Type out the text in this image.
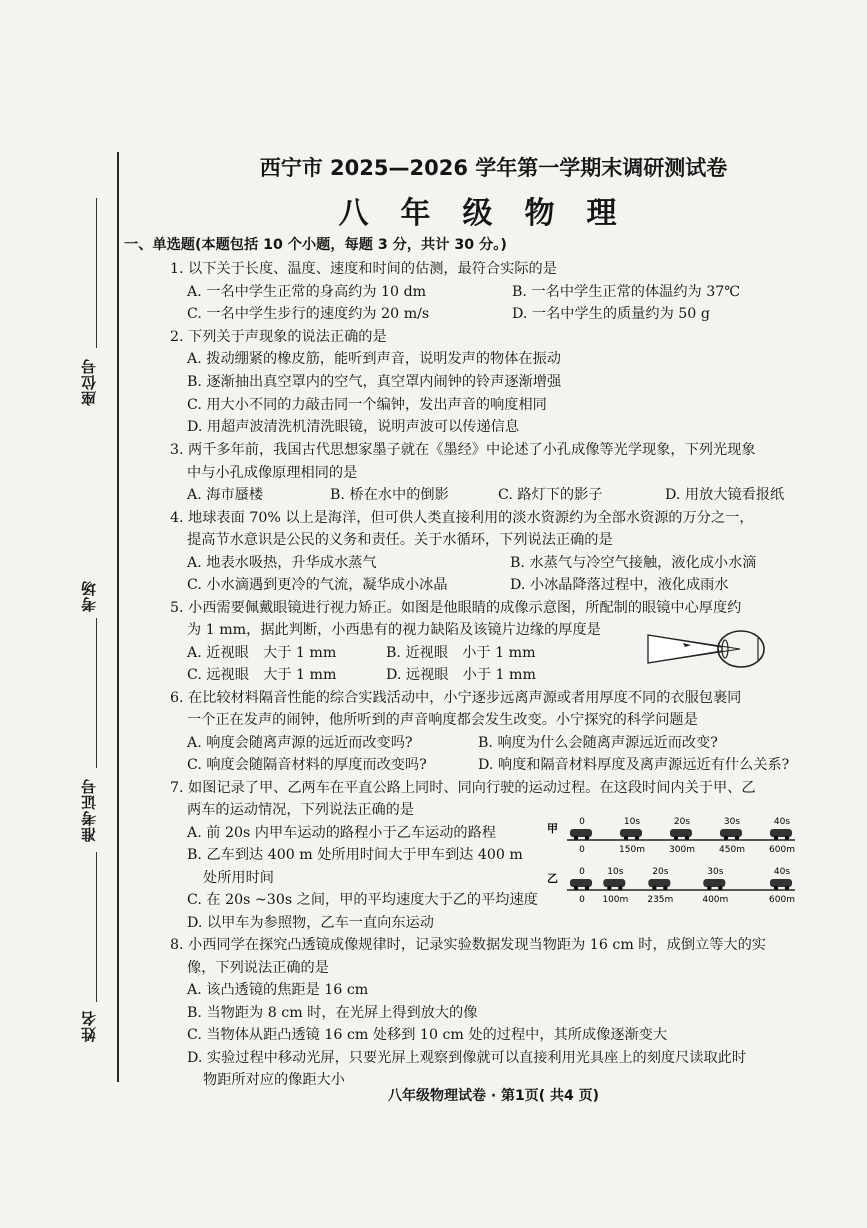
座位号
考场
准考证号
姓名
西宁市 2025—2026 学年第一学期末调研测试卷
八年级物理
一、单选题(本题包括 10 个小题，每题 3 分，共计 30 分。)
1. 以下关于长度、温度、速度和时间的估测，最符合实际的是
A. 一名中学生正常的身高约为 10 dm	B. 一名中学生正常的体温约为 37℃
C. 一名中学生步行的速度约为 20 m/s	D. 一名中学生的质量约为 50 g
2. 下列关于声现象的说法正确的是
A. 拨动绷紧的橡皮筋，能听到声音，说明发声的物体在振动
B. 逐渐抽出真空罩内的空气，真空罩内闹钟的铃声逐渐增强
C. 用大小不同的力敲击同一个编钟，发出声音的响度相同
D. 用超声波清洗机清洗眼镜，说明声波可以传递信息
3. 两千多年前，我国古代思想家墨子就在《墨经》中论述了小孔成像等光学现象，下列光现象
中与小孔成像原理相同的是
A. 海市蜃楼	B. 桥在水中的倒影	C. 路灯下的影子	D. 用放大镜看报纸
4. 地球表面 70% 以上是海洋，但可供人类直接利用的淡水资源约为全部水资源的万分之一，
提高节水意识是公民的义务和责任。关于水循环，下列说法正确的是
A. 地表水吸热，升华成水蒸气	B. 水蒸气与冷空气接触，液化成小水滴
C. 小水滴遇到更冷的气流，凝华成小冰晶	D. 小冰晶降落过程中，液化成雨水
5. 小西需要佩戴眼镜进行视力矫正。如图是他眼睛的成像示意图，所配制的眼镜中心厚度约
为 1 mm，据此判断，小西患有的视力缺陷及该镜片边缘的厚度是
A. 近视眼　大于 1 mm	B. 近视眼　小于 1 mm
C. 远视眼　大于 1 mm	D. 远视眼　小于 1 mm
6. 在比较材料隔音性能的综合实践活动中，小宁逐步远离声源或者用厚度不同的衣服包裹同
一个正在发声的闹钟，他所听到的声音响度都会发生改变。小宁探究的科学问题是
A. 响度会随离声源的远近而改变吗?	B. 响度为什么会随离声源远近而改变?
C. 响度会随隔音材料的厚度而改变吗?	D. 响度和隔音材料厚度及离声源远近有什么关系?
7. 如图记录了甲、乙两车在平直公路上同时、同向行驶的运动过程。在这段时间内关于甲、乙
两车的运动情况，下列说法正确的是
A. 前 20s 内甲车运动的路程小于乙车运动的路程
B. 乙车到达 400 m 处所用时间大于甲车到达 400 m
处所用时间
C. 在 20s ~30s 之间，甲的平均速度大于乙的平均速度
D. 以甲车为参照物，乙车一直向东运动
甲 0
0
10s
150m
20s
300m
30s
450m
40s
600m
乙 0
0
10s
100m
20s
235m
30s
400m
40s
600m
8. 小西同学在探究凸透镜成像规律时，记录实验数据发现当物距为 16 cm 时，成倒立等大的实
像，下列说法正确的是
A. 该凸透镜的焦距是 16 cm
B. 当物距为 8 cm 时，在光屏上得到放大的像
C. 当物体从距凸透镜 16 cm 处移到 10 cm 处的过程中，其所成像逐渐变大
D. 实验过程中移动光屏，只要光屏上观察到像就可以直接利用光具座上的刻度尺读取此时
物距所对应的像距大小
八年级物理试卷 · 第1页( 共4 页)
